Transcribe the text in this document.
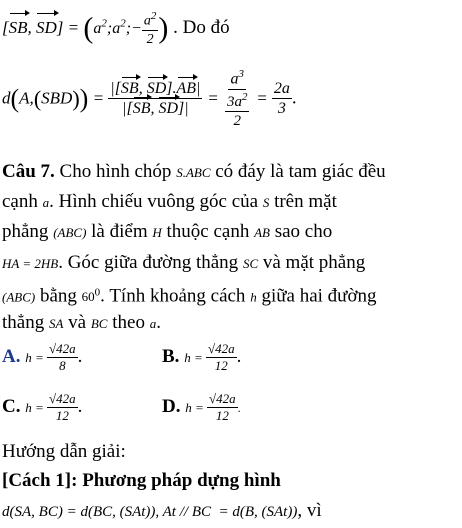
[SB, $SD] = (a^2;a^2;- \frac{a^2}{2}$ ) . Do đó
$d(A,(SBD)) = \frac{|[SB, SD].AB|}{|[SB, SD]|} = \frac{a^3}{\frac{3a^2}{2}} = \frac{2a}{3}$ .
Câu 7. Cho hình chóp S.ABC có đáy là tam giác đều
cạnh a. Hình chiếu vuông góc của S trên mặt
phẳng (ABC) là điểm H thuộc cạnh AB sao cho
HA = 2HB. Góc giữa đường thẳng SC và mặt phẳng
(ABC) bằng $60^0$. Tính khoảng cách h giữa hai đường
thẳng SA và BC theo a.
A. $h = \frac{√42a}{8}$ .	B. $h = \frac{√42a}{12}$ .
C. $h = \frac{√42a}{12}$ .	D. $h = \frac{√42a}{12}$ .
Hướng dẫn giải:
[Cách 1]: Phương pháp dựng hình
d(SA, BC) = d(BC, (SAt)), At // BC  = d(B, (SAt)), vì
